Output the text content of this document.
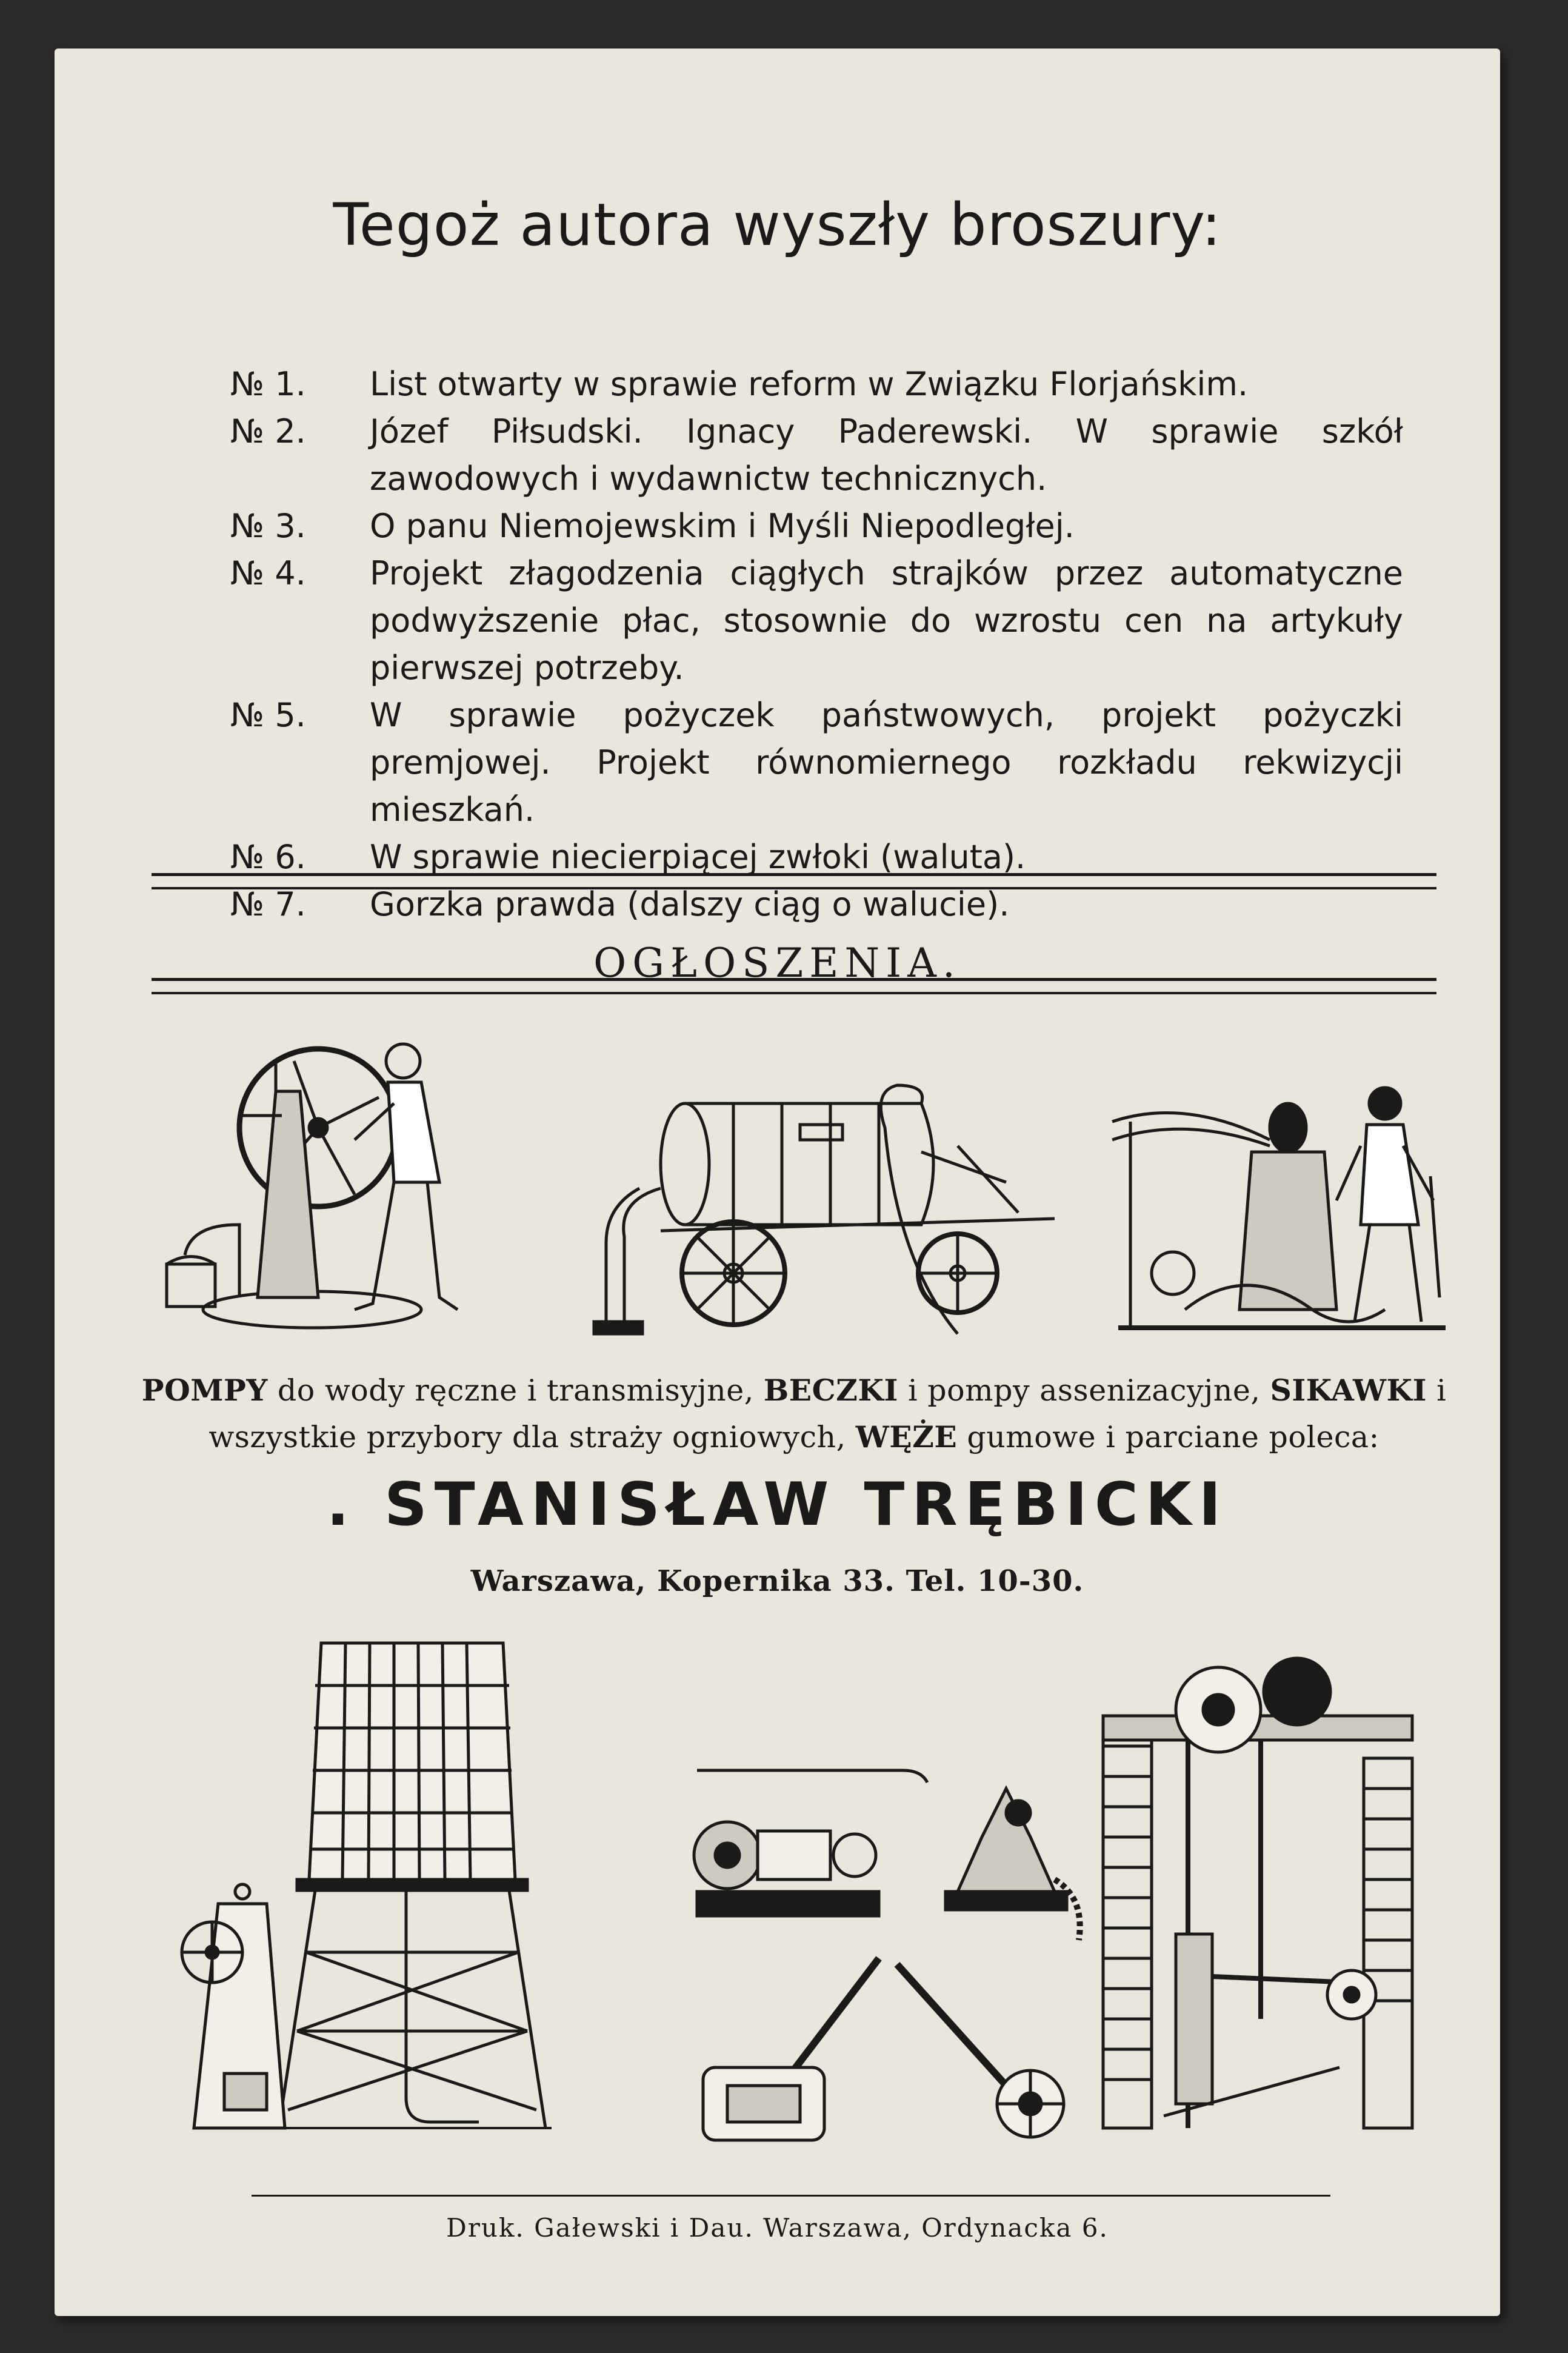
Tegoż autora wyszły broszury:
№ 1.	List otwarty w sprawie reform w Związku Florjańskim.
№ 2.	Józef Piłsudski. Ignacy Paderewski. W sprawie szkół zawodowych i wydawnictw technicznych.
№ 3.	O panu Niemojewskim i Myśli Niepodległej.
№ 4.	Projekt złagodzenia ciągłych strajków przez automatyczne podwyższenie płac, stosownie do wzrostu cen na artykuły pierwszej potrzeby.
№ 5.	W sprawie pożyczek państwowych, projekt pożyczki premjowej. Projekt równomiernego rozkładu rekwizycji mieszkań.
№ 6.	W sprawie niecierpiącej zwłoki (waluta).
№ 7.	Gorzka prawda (dalszy ciąg o walucie).
OGŁOSZENIA.
POMPY do wody ręczne i transmisyjne, BECZKI i pompy assenizacyjne, SIKAWKI i wszystkie przybory dla straży ogniowych, WĘŻE gumowe i parciane poleca:
. STANISŁAW TRĘBICKI
Warszawa, Kopernika 33. Tel. 10-30.
Druk. Gałewski i Dau. Warszawa, Ordynacka 6.
